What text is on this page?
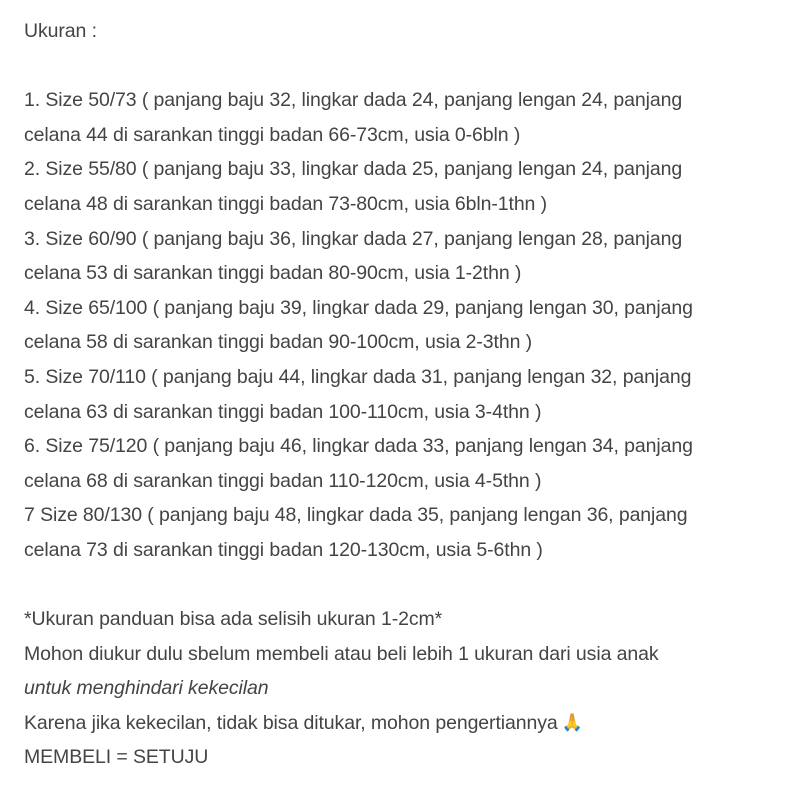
Ukuran :
1. Size 50/73 ( panjang baju 32, lingkar dada 24, panjang lengan 24, panjang
celana 44 di sarankan tinggi badan 66-73cm, usia 0-6bln )
2. Size 55/80 ( panjang baju 33, lingkar dada 25, panjang lengan 24, panjang
celana 48 di sarankan tinggi badan 73-80cm, usia 6bln-1thn )
3. Size 60/90 ( panjang baju 36, lingkar dada 27, panjang lengan 28, panjang
celana 53 di sarankan tinggi badan 80-90cm, usia 1-2thn )
4. Size 65/100 ( panjang baju 39, lingkar dada 29, panjang lengan 30, panjang
celana 58 di sarankan tinggi badan 90-100cm, usia 2-3thn )
5. Size 70/110 ( panjang baju 44, lingkar dada 31, panjang lengan 32, panjang
celana 63 di sarankan tinggi badan 100-110cm, usia 3-4thn )
6. Size 75/120 ( panjang baju 46, lingkar dada 33, panjang lengan 34, panjang
celana 68 di sarankan tinggi badan 110-120cm, usia 4-5thn )
7 Size 80/130 ( panjang baju 48, lingkar dada 35, panjang lengan 36, panjang
celana 73 di sarankan tinggi badan 120-130cm, usia 5-6thn )
*Ukuran panduan bisa ada selisih ukuran 1-2cm*
Mohon diukur dulu sbelum membeli atau beli lebih 1 ukuran dari usia anak
untuk menghindari kekecilan
Karena jika kekecilan, tidak bisa ditukar, mohon pengertiannya 🙏
MEMBELI = SETUJU
